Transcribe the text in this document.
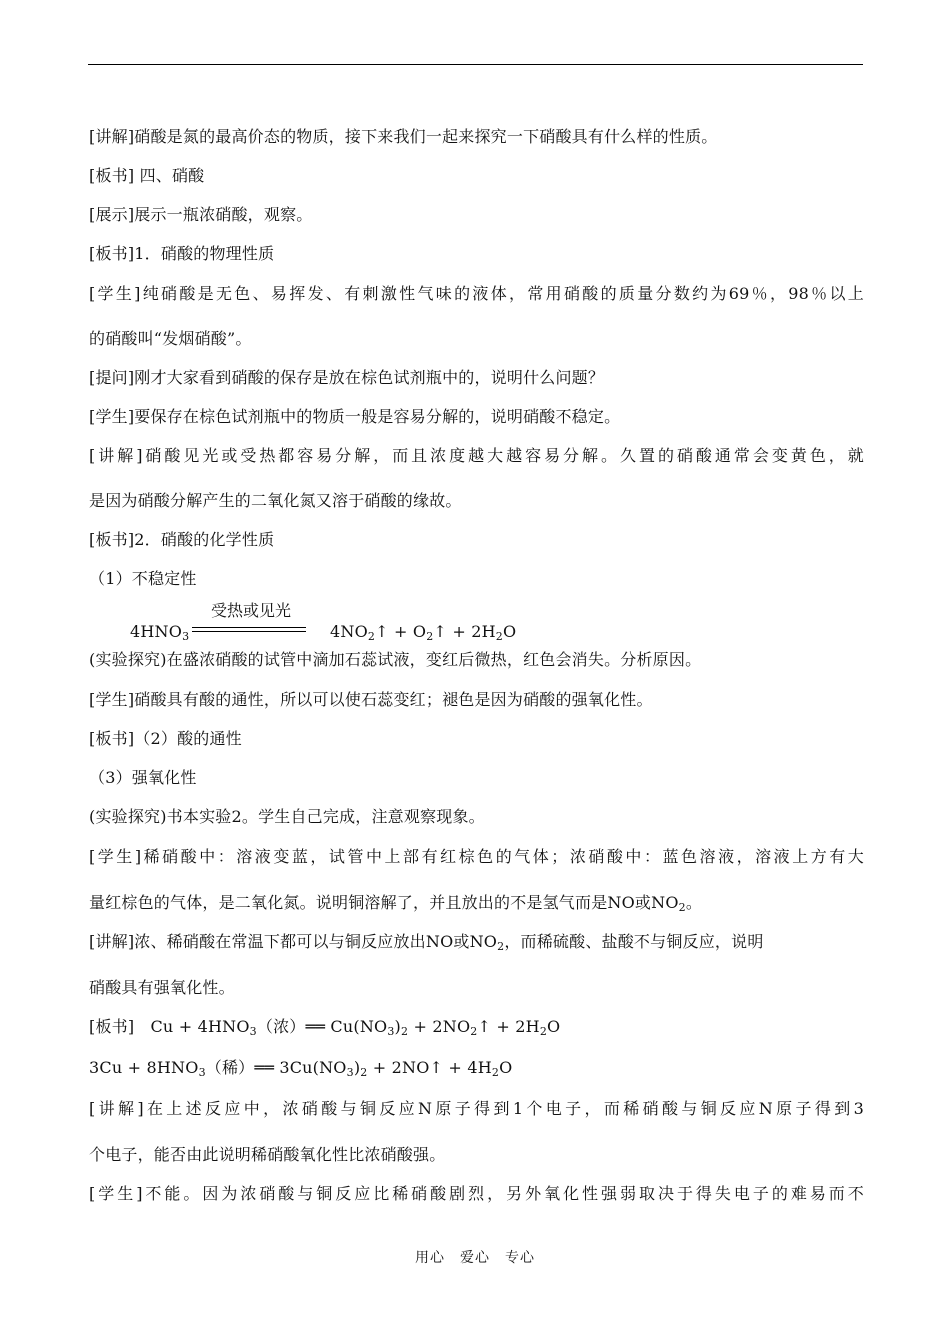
[讲解]硝酸是氮的最高价态的物质，接下来我们一起来探究一下硝酸具有什么样的性质。
[板书] 四、硝酸
[展示]展示一瓶浓硝酸，观察。
[板书]1．硝酸的物理性质
[学生]纯硝酸是无色、易挥发、有刺激性气味的液体，常用硝酸的质量分数约为69％，98％以上
的硝酸叫“发烟硝酸”。
[提问]刚才大家看到硝酸的保存是放在棕色试剂瓶中的，说明什么问题？
[学生]要保存在棕色试剂瓶中的物质一般是容易分解的，说明硝酸不稳定。
[讲解]硝酸见光或受热都容易分解，而且浓度越大越容易分解。久置的硝酸通常会变黄色，就
是因为硝酸分解产生的二氧化氮又溶于硝酸的缘故。
[板书]2．硝酸的化学性质
（1）不稳定性
受热或见光
$4HNO_3$	$4NO_2↑$ + $O_2↑ + 2H_2O$
(实验探究)在盛浓硝酸的试管中滴加石蕊试液，变红后微热，红色会消失。分析原因。
[学生]硝酸具有酸的通性，所以可以使石蕊变红；褪色是因为硝酸的强氧化性。
[板书]（2）酸的通性
（3）强氧化性
(实验探究)书本实验2。学生自己完成，注意观察现象。
[学生]稀硝酸中：溶液变蓝，试管中上部有红棕色的气体；浓硝酸中：蓝色溶液，溶液上方有大
量红棕色的气体，是二氧化氮。说明铜溶解了，并且放出的不是氢气而是NO或$NO_2$。
[讲解]浓、稀硝酸在常温下都可以与铜反应放出NO或$NO_2$，而稀硫酸、盐酸不与铜反应，说明
硝酸具有强氧化性。
[板书]　$Cu + 4HNO_3$（浓）══ $Cu(NO_3)_2$ + $2NO_2↑ + 2H_2O$
$3Cu + 8HNO_3$（稀）══ $3Cu(NO_3)_2$ + 2NO↑ + $4H_2O$
[讲解]在上述反应中，浓硝酸与铜反应N原子得到1个电子，而稀硝酸与铜反应N原子得到3
个电子，能否由此说明稀硝酸氧化性比浓硝酸强。
[学生]不能。因为浓硝酸与铜反应比稀硝酸剧烈，另外氧化性强弱取决于得失电子的难易而不
用心　爱心　专心
